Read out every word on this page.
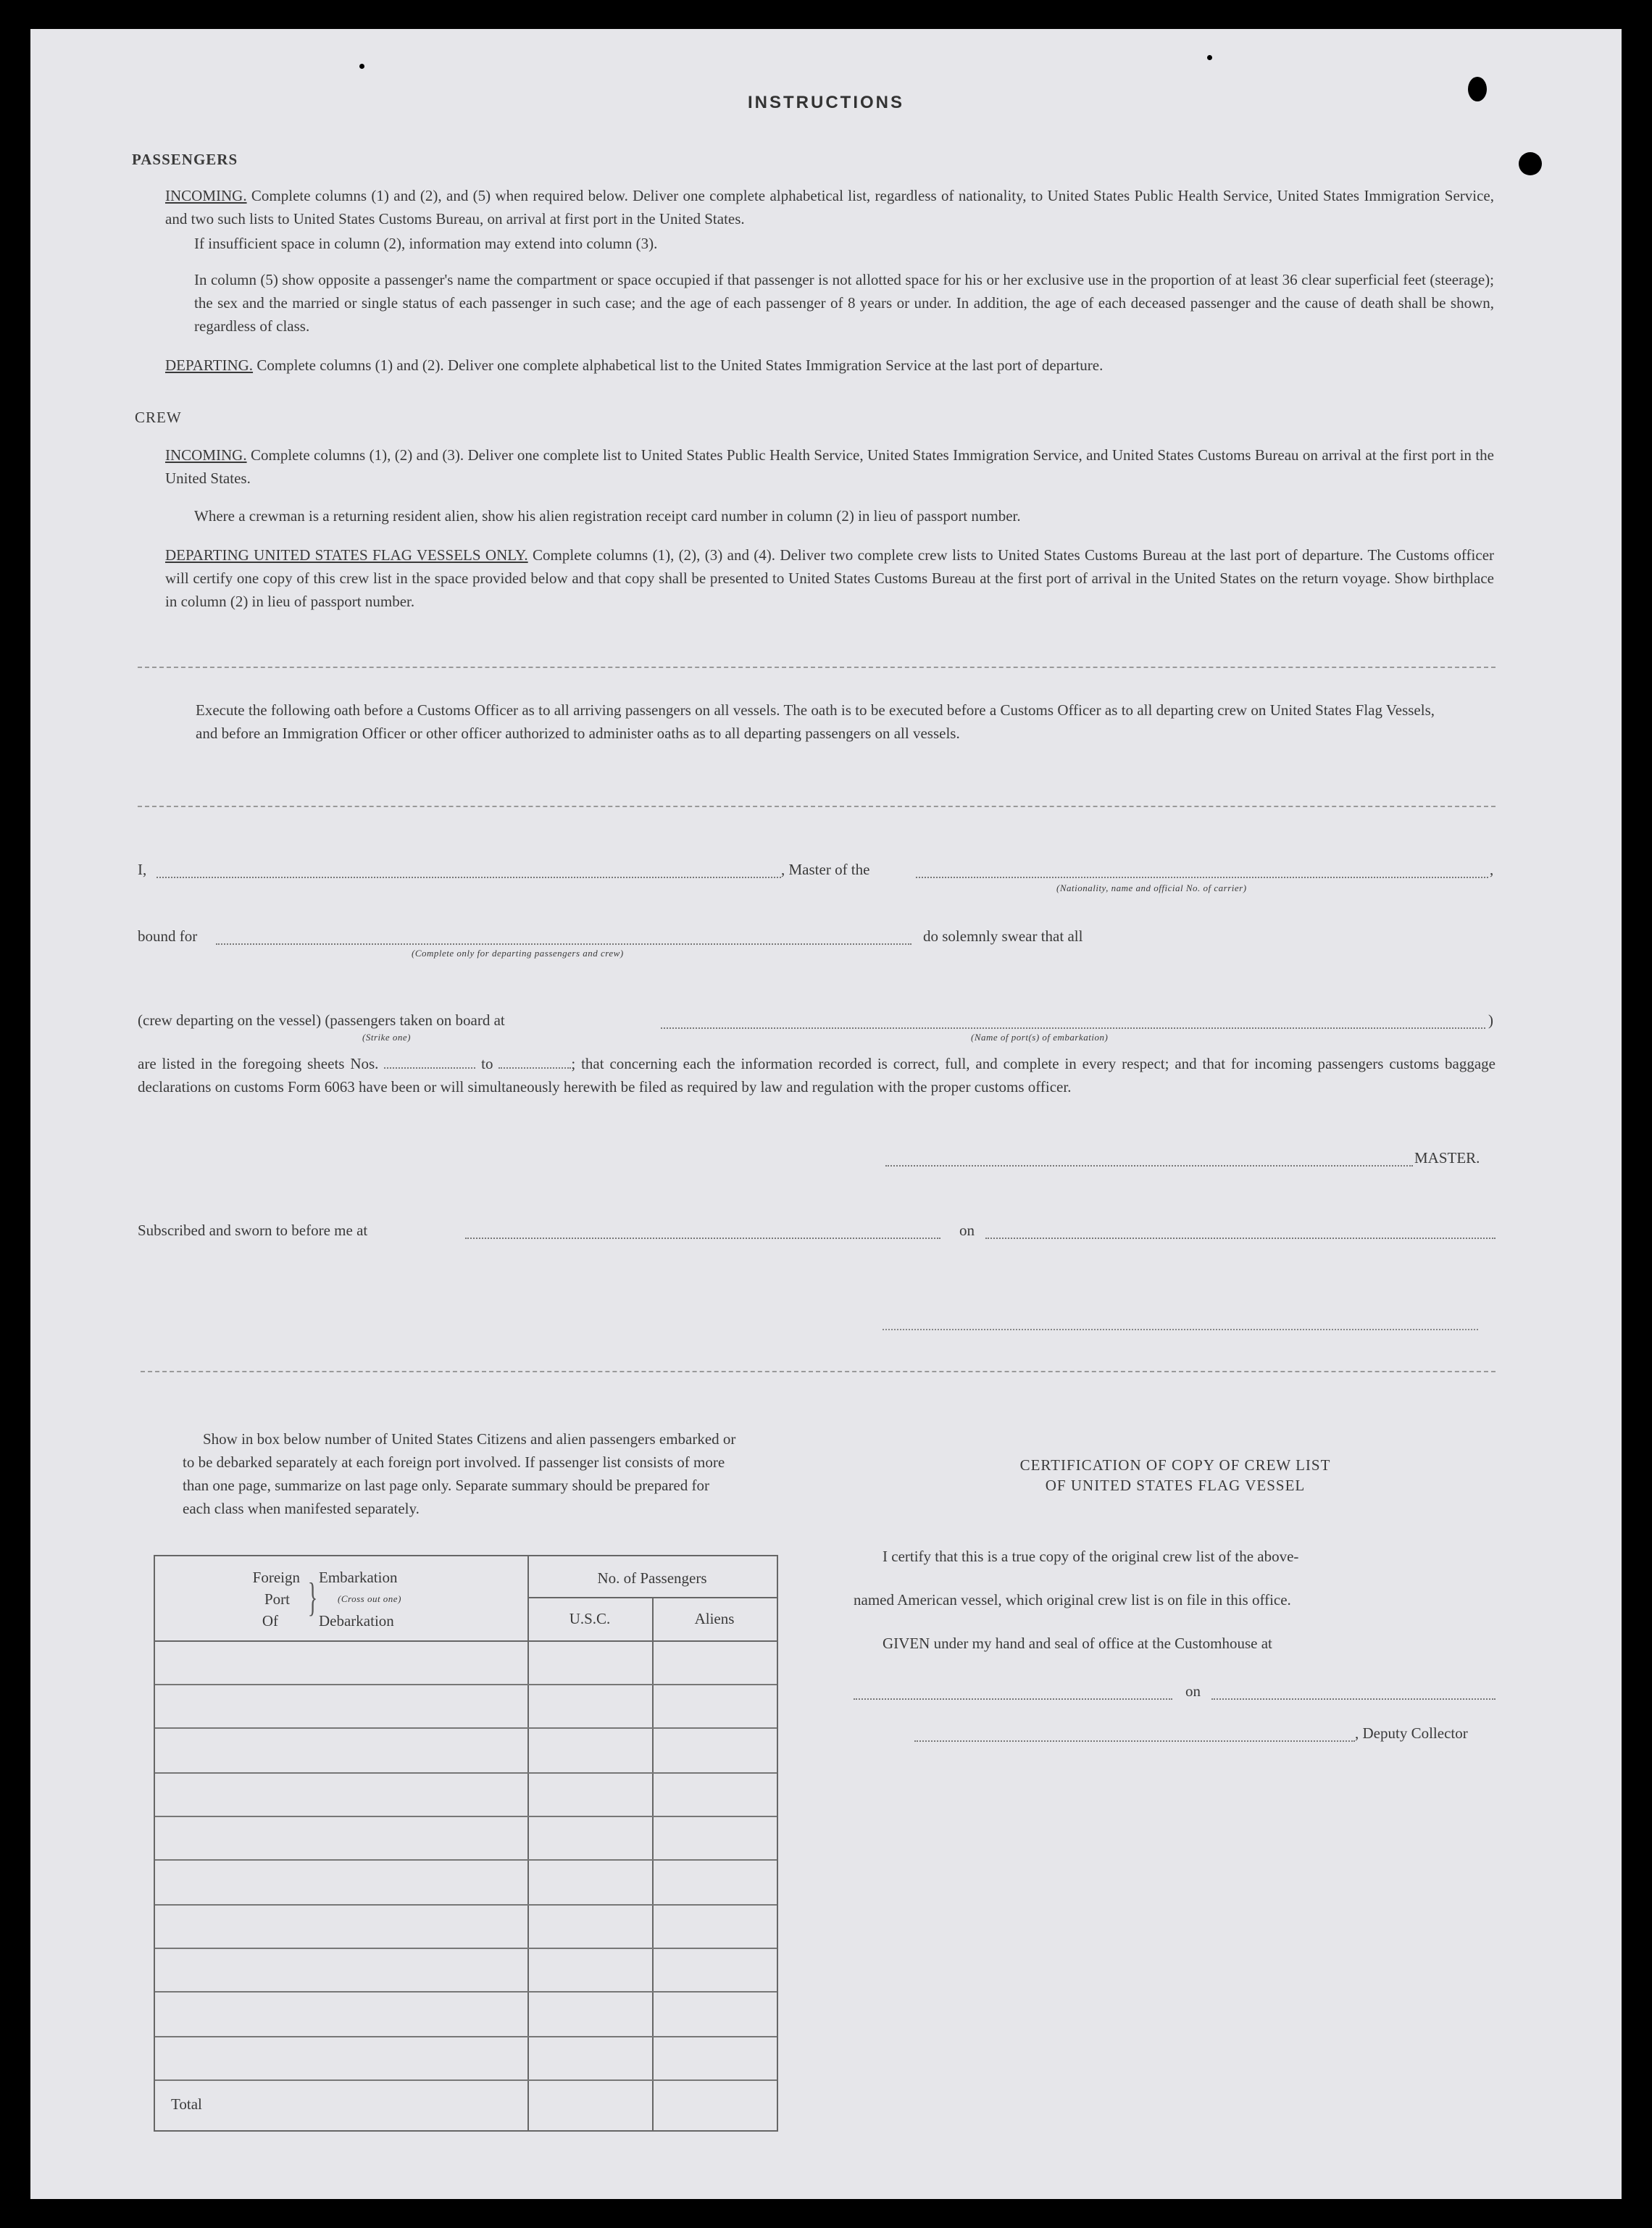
INSTRUCTIONS
PASSENGERS
INCOMING. Complete columns (1) and (2), and (5) when required below. Deliver one complete alphabetical list, regardless of nationality, to United States Public Health Service, United States Immigration Service, and two such lists to United States Customs Bureau, on arrival at first port in the United States.
If insufficient space in column (2), information may extend into column (3).
In column (5) show opposite a passenger's name the compartment or space occupied if that passenger is not allotted space for his or her exclusive use in the proportion of at least 36 clear superficial feet (steerage); the sex and the married or single status of each passenger in such case; and the age of each passenger of 8 years or under. In addition, the age of each deceased passenger and the cause of death shall be shown, regardless of class.
DEPARTING. Complete columns (1) and (2). Deliver one complete alphabetical list to the United States Immigration Service at the last port of departure.
CREW
INCOMING. Complete columns (1), (2) and (3). Deliver one complete list to United States Public Health Service, United States Immigration Service, and United States Customs Bureau on arrival at the first port in the United States.
Where a crewman is a returning resident alien, show his alien registration receipt card number in column (2) in lieu of passport number.
DEPARTING UNITED STATES FLAG VESSELS ONLY. Complete columns (1), (2), (3) and (4). Deliver two complete crew lists to United States Customs Bureau at the last port of departure. The Customs officer will certify one copy of this crew list in the space provided below and that copy shall be presented to United States Customs Bureau at the first port of arrival in the United States on the return voyage. Show birthplace in column (2) in lieu of passport number.
Execute the following oath before a Customs Officer as to all arriving passengers on all vessels. The oath is to be executed before a Customs Officer as to all departing crew on United States Flag Vessels, and before an Immigration Officer or other officer authorized to administer oaths as to all departing passengers on all vessels.
I,	, Master of the	,
(Nationality, name and official No. of carrier)
bound for
(Complete only for departing passengers and crew)
do solemnly swear that all
(crew departing on the vessel) (passengers taken on board at
(Strike one)
)
(Name of port(s) of embarkation)
are listed in the foregoing sheets Nos.	to	; that concerning each the information recorded is correct, full, and complete in every respect; and that for incoming passengers customs baggage declarations on customs Form 6063 have been or will simultaneously herewith be filed as required by law and regulation with the proper customs officer.
MASTER.
Subscribed and sworn to before me at	on
Show in box below number of United States Citizens and alien passengers embarked or to be debarked separately at each foreign port involved. If passenger list consists of more than one page, summarize on last page only. Separate summary should be prepared for each class when manifested separately.
Foreign
Port
Of
} Embarkation
(Cross out one)
Debarkation
No. of Passengers
U.S.C.	Aliens
Total
CERTIFICATION OF COPY OF CREW LIST
OF UNITED STATES FLAG VESSEL
I certify that this is a true copy of the original crew list of the above-
named American vessel, which original crew list is on file in this office.
GIVEN under my hand and seal of office at the Customhouse at
on
, Deputy Collector
